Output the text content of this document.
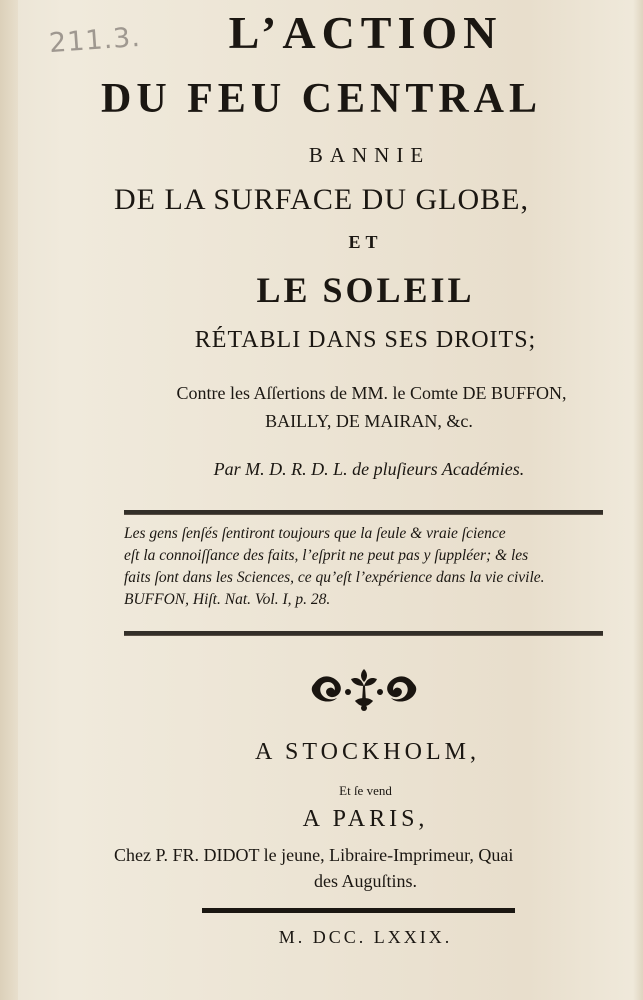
211.3.	L’ACTION
DU FEU CENTRAL
BANNIE
DE LA SURFACE DU GLOBE,
ET
LE SOLEIL
RÉTABLI DANS SES DROITS;
Contre les Aſſertions de MM. le Comte DE BUFFON,
BAILLY, DE MAIRAN, &c.
Par M. D. R. D. L. de pluſieurs Académies.
Les gens ſenſés ſentiront toujours que la ſeule & vraie ſcience
eſt la connoiſſance des faits, l’eſprit ne peut pas y ſuppléer; & les
faits ſont dans les Sciences, ce qu’eſt l’expérience dans la vie civile.
BUFFON, Hiſt. Nat. Vol. I, p. 28.
A STOCKHOLM,
Et ſe vend
A PARIS,
Chez P. FR. DIDOT le jeune, Libraire-Imprimeur, Quai
des Auguſtins.
M. DCC. LXXIX.
